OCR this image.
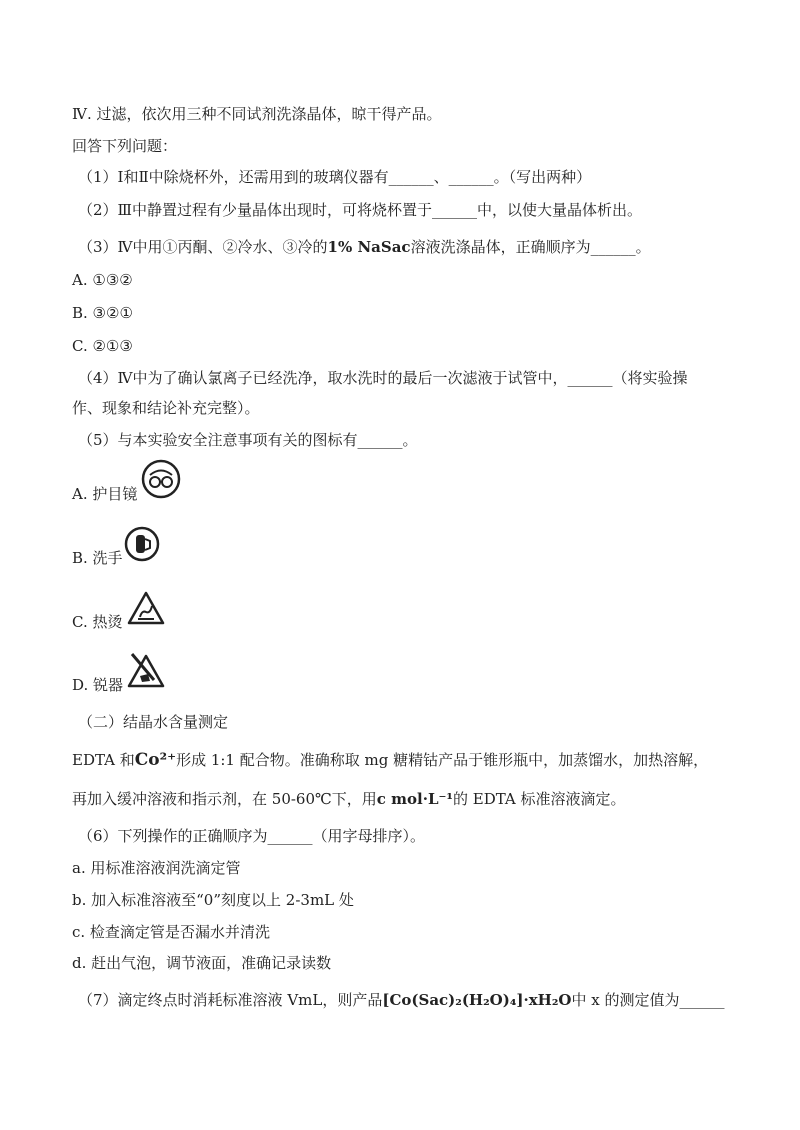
Ⅳ. 过滤，依次用三种不同试剂洗涤晶体，晾干得产品。
回答下列问题：
（1）Ⅰ和Ⅱ中除烧杯外，还需用到的玻璃仪器有______、______。（写出两种）
（2）Ⅲ中静置过程有少量晶体出现时，可将烧杯置于______中，以使大量晶体析出。
（3）Ⅳ中用①丙酮、②冷水、③冷的1% NaSac溶液洗涤晶体，正确顺序为______。
A. ①③②
B. ③②①
C. ②①③
（4）Ⅳ中为了确认氯离子已经洗净，取水洗时的最后一次滤液于试管中，______（将实验操
作、现象和结论补充完整）。
（5）与本实验安全注意事项有关的图标有______。
A. 护目镜
B. 洗手
C. 热烫
D. 锐器
（二）结晶水含量测定
EDTA 和Co²⁺形成 1:1 配合物。准确称取 mg 糖精钴产品于锥形瓶中，加蒸馏水，加热溶解，
再加入缓冲溶液和指示剂，在 50-60℃下，用c mol·L⁻¹的 EDTA 标准溶液滴定。
（6）下列操作的正确顺序为______（用字母排序）。
a. 用标准溶液润洗滴定管
b. 加入标准溶液至“0”刻度以上 2-3mL 处
c. 检查滴定管是否漏水并清洗
d. 赶出气泡，调节液面，准确记录读数
（7）滴定终点时消耗标准溶液 VmL，则产品[Co(Sac)₂(H₂O)₄]·xH₂O中 x 的测定值为______
